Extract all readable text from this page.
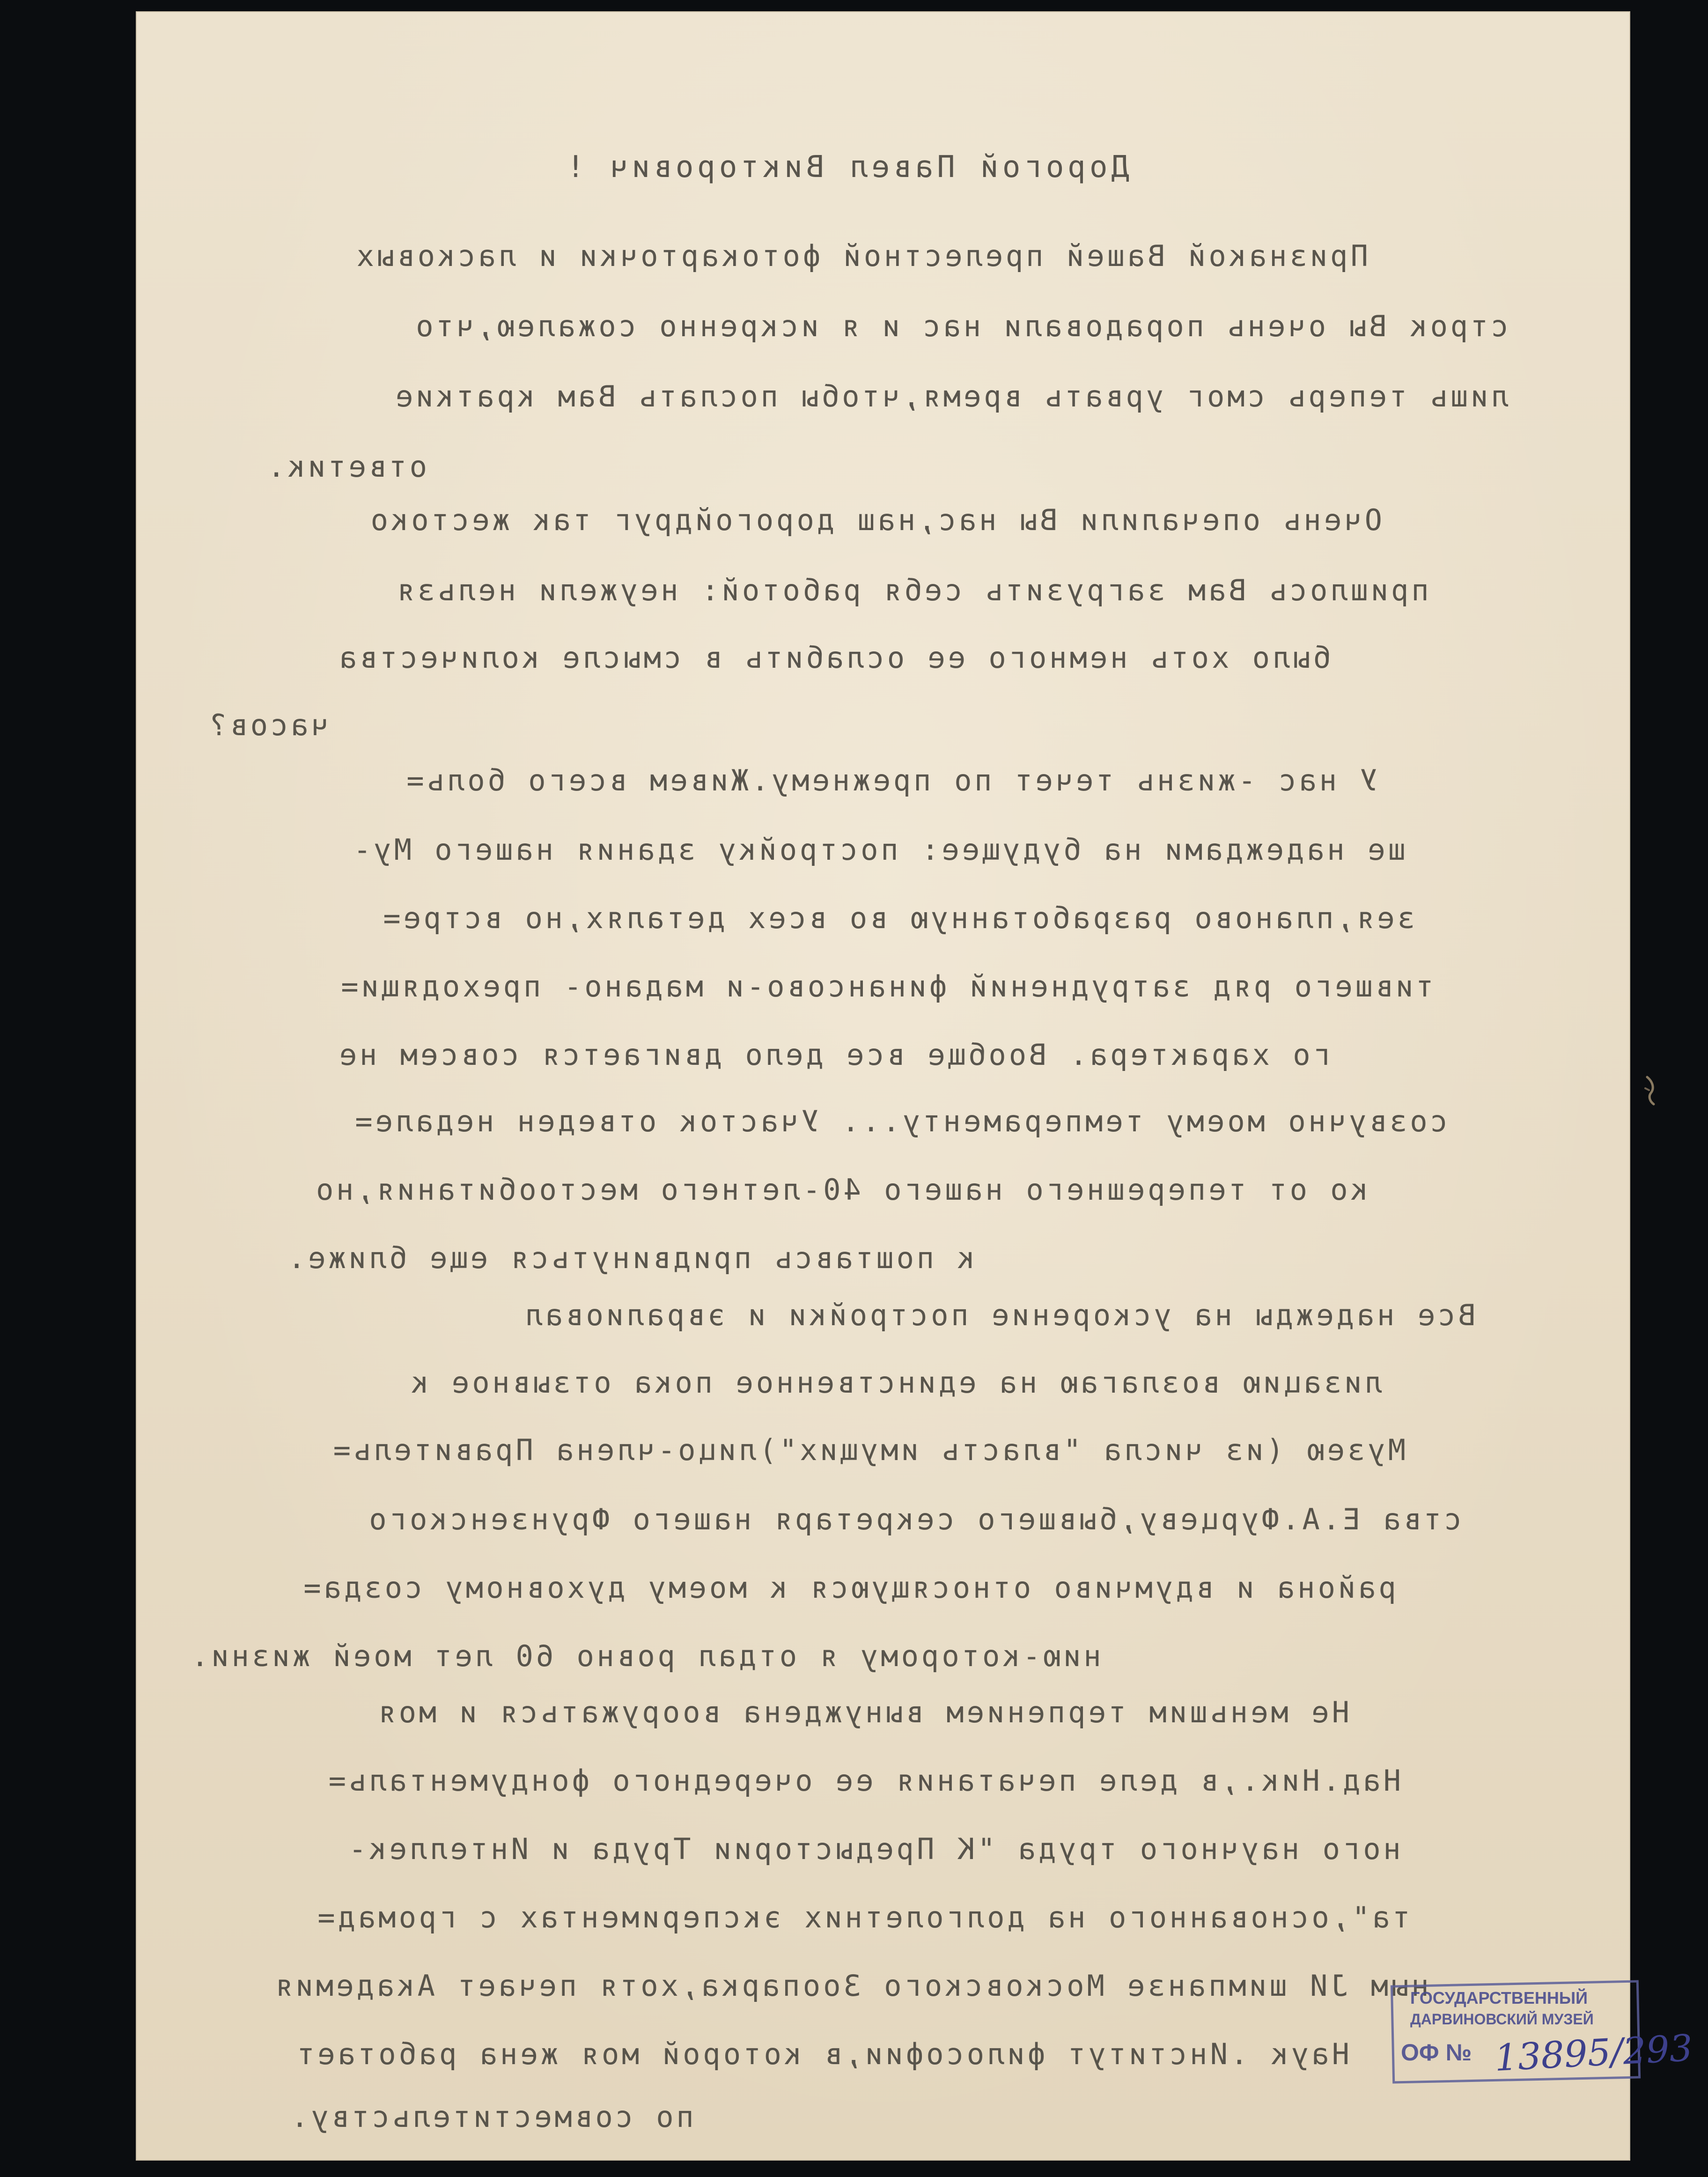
Дорогой Павел Викторович !
Признакой Вашей прелестной фотокарточки и ласковых
строк Вы очень порадовали нас и я искренно сожалею,что
лишь теперь смог урвать время,чтобы послать Вам краткие
ответик.
Очень опечалили Вы нас,наш дорогойдруг так жестоко
пришлось Вам загрузить себя работой: неужели нельзя
было хоть немного ее ослабить в смысле количества
часов?
У нас -жизнь течет по прежнему.Живем всего боль=
ше надеждами на будущее: постройку здания нашего Му-
зея,планово разработанную во всех деталях,но встре=
тившего ряд затруднений финансово-и мадано- преходящи=
го характера. Вообще все дело двигается совсем не
созвучно моему темпераменту... Участок отведен недале=
ко от теперешнего нашего 40-летнего местообитания,но
к поштавсь придвинуться еще ближе.
Все надежды на ускорение постройки и эвралиовал
лизацию возлагаю на единственное пока отзывное к
Музею (из числа "власть имущих")лицо-члена Правитель=
ства Е.А.Фурцеву,бывшего секретаря нашего Фрунзенского
района и вдумчиво относящуюся к моему духовному созда=
нию-которому я отдал ровно 60 лет моей жизни.
Не меньшим терпением вынуждена вооружаться и моя
Над.Ник.,в деле печатания ее очередного фондументаль=
ного научного труда "К Предыстории Труда и Интеллек-
та",основанного на долголетних экспериментах с громад=
ным ЈИ шимпанзе Московского Зоопарка,хотя печает Академия
Наук .Институт философии,в которой моя жена работает
по совместительству.
ГОСУДАРСТВЕННЫЙ
ДАРВИНОВСКИЙ МУЗЕЙ
ОФ № 13895/293
